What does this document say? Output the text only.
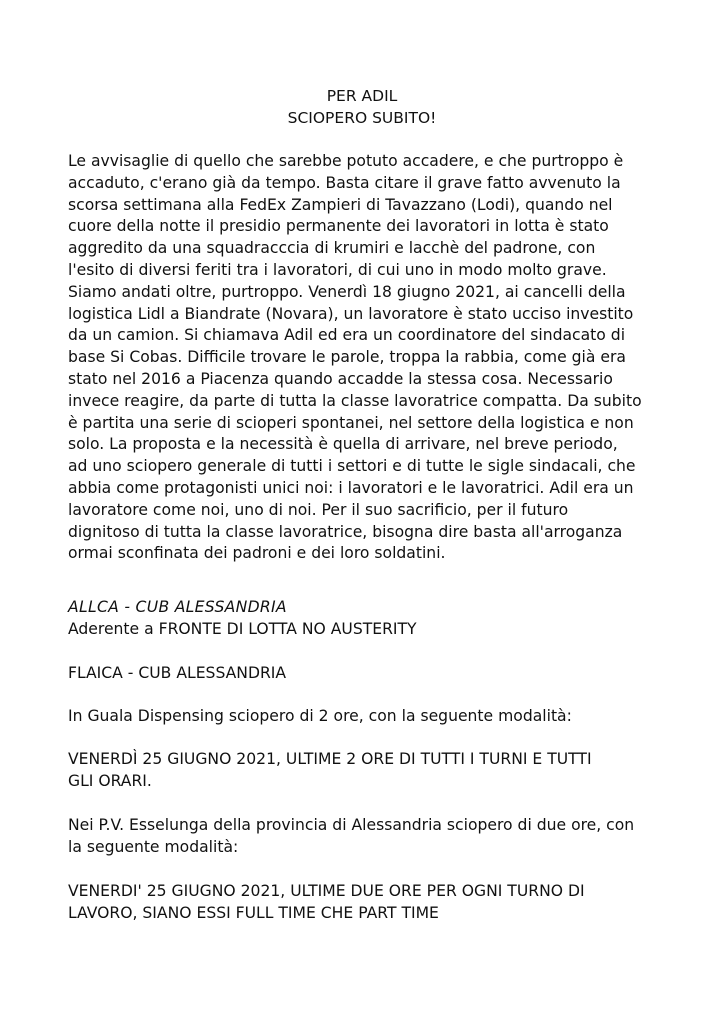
PER ADIL
SCIOPERO SUBITO!
Le avvisaglie di quello che sarebbe potuto accadere, e che purtroppo è
accaduto, c'erano già da tempo. Basta citare il grave fatto avvenuto la
scorsa settimana alla FedEx Zampieri di Tavazzano (Lodi), quando nel
cuore della notte il presidio permanente dei lavoratori in lotta è stato
aggredito da una squadracccia di krumiri e lacchè del padrone, con
l'esito di diversi feriti tra i lavoratori, di cui uno in modo molto grave.
Siamo andati oltre, purtroppo. Venerdì 18 giugno 2021, ai cancelli della
logistica Lidl a Biandrate (Novara), un lavoratore è stato ucciso investito
da un camion. Si chiamava Adil ed era un coordinatore del sindacato di
base Si Cobas. Difficile trovare le parole, troppa la rabbia, come già era
stato nel 2016 a Piacenza quando accadde la stessa cosa. Necessario
invece reagire, da parte di tutta la classe lavoratrice compatta. Da subito
è partita una serie di scioperi spontanei, nel settore della logistica e non
solo. La proposta e la necessità è quella di arrivare, nel breve periodo,
ad uno sciopero generale di tutti i settori e di tutte le sigle sindacali, che
abbia come protagonisti unici noi: i lavoratori e le lavoratrici. Adil era un
lavoratore come noi, uno di noi. Per il suo sacrificio, per il futuro
dignitoso di tutta la classe lavoratrice, bisogna dire basta all'arroganza
ormai sconfinata dei padroni e dei loro soldatini.
ALLCA - CUB ALESSANDRIA
Aderente a FRONTE DI LOTTA NO AUSTERITY
FLAICA - CUB ALESSANDRIA
In Guala Dispensing sciopero di 2 ore, con la seguente modalità:
VENERDÌ 25 GIUGNO 2021, ULTIME 2 ORE DI TUTTI I TURNI E TUTTI
GLI ORARI.
Nei P.V. Esselunga della provincia di Alessandria sciopero di due ore, con
la seguente modalità:
VENERDI' 25 GIUGNO 2021, ULTIME DUE ORE PER OGNI TURNO DI
LAVORO, SIANO ESSI FULL TIME CHE PART TIME
